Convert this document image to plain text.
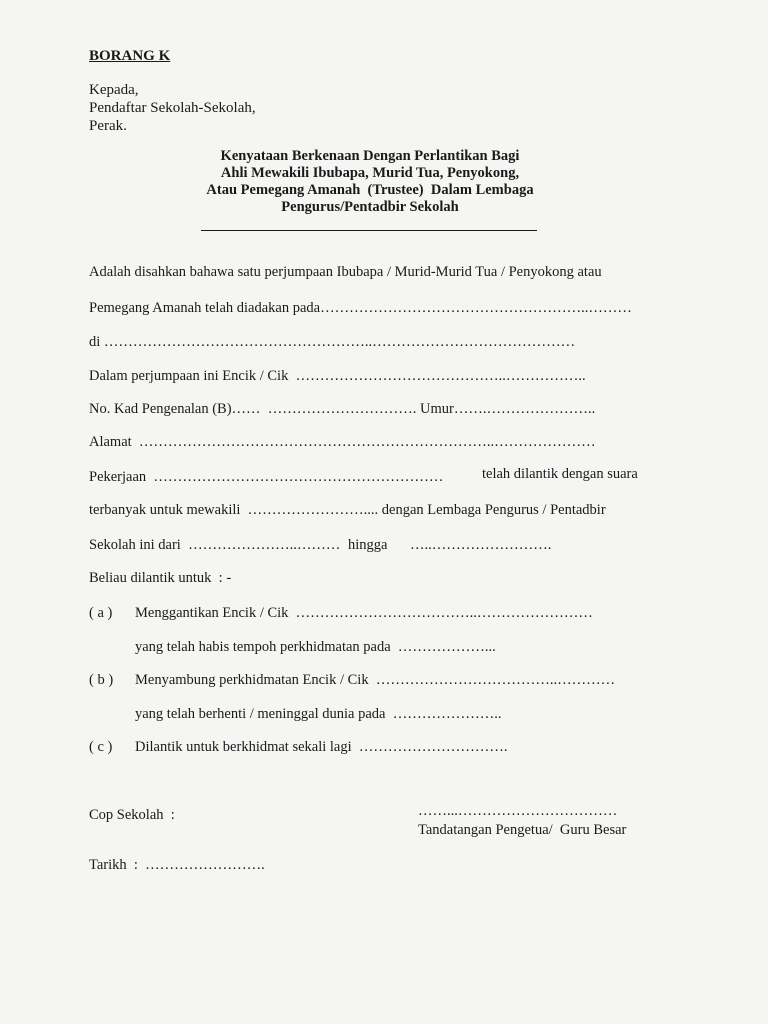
BORANG K
Kepada,
Pendaftar Sekolah-Sekolah,
Perak.
Kenyataan Berkenaan Dengan Perlantikan Bagi
Ahli Mewakili Ibubapa, Murid Tua, Penyokong,
Atau Pemegang Amanah  (Trustee)  Dalam Lembaga
Pengurus/Pentadbir Sekolah
Adalah disahkan bahawa satu perjumpaan Ibubapa / Murid-Murid Tua / Penyokong atau
Pemegang Amanah telah diadakan pada………………………………………………..………
di ………………………………………………..……………………………………
Dalam perjumpaan ini Encik / Cik  ……………………………………..……………..
No. Kad Pengenalan (B)……  …………………………. Umur…….…………………..
Alamat  ………………………………………………………………..…………………
Pekerjaan  ……………………………………………………	telah dilantik dengan suara
terbanyak untuk mewakili  …………………….... dengan Lembaga Pengurus / Pentadbir
Sekolah ini dari  …………………..……… hingga …..…………………….
Beliau dilantik untuk  : -
( a ) Menggantikan Encik / Cik  ………………………………..……………………
yang telah habis tempoh perkhidmatan pada  ………………...
( b ) Menyambung perkhidmatan Encik / Cik  ………………………………..…………
yang telah berhenti / meninggal dunia pada  …………………..
( c ) Dilantik untuk berkhidmat sekali lagi  ………………………….
Cop Sekolah  :	……...……………………………
Tandatangan Pengetua/  Guru Besar
Tarikh  :  …………………….
